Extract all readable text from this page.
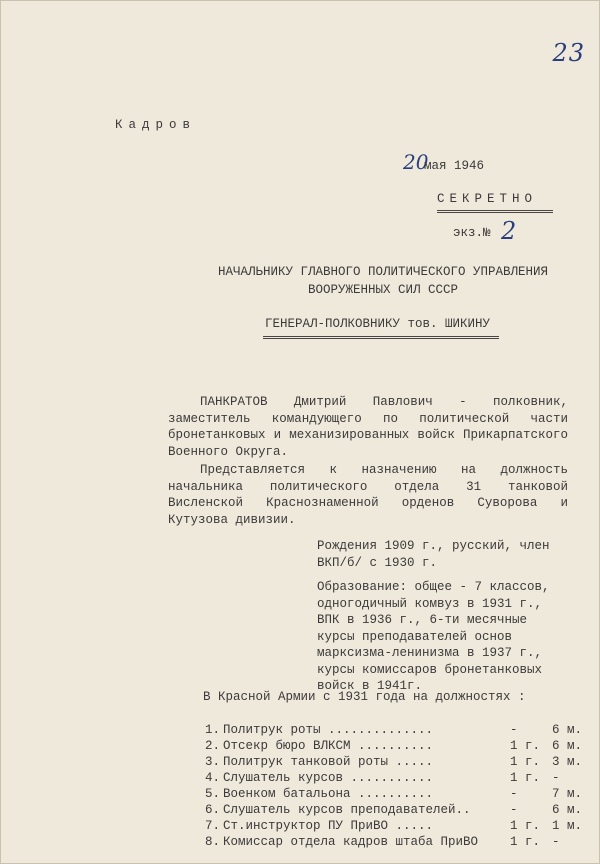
23
Кадров
20
мая 1946
СЕКРЕТНО
экз.№ 2
НАЧАЛЬНИКУ ГЛАВНОГО ПОЛИТИЧЕСКОГО УПРАВЛЕНИЯ ВООРУЖЕННЫХ СИЛ СССР
ГЕНЕРАЛ-ПОЛКОВНИКУ тов. ШИКИНУ
ПАНКРАТОВ Дмитрий Павлович - полковник, заместитель командующего по политической части бронетанковых и механизированных войск Прикарпатского Военного Округа.
Представляется к назначению на должность начальника политического отдела 31 танковой Висленской Краснознаменной орденов Суворова и Кутузова дивизии.
Рождения 1909 г., русский, член ВКП/б/ с 1930 г.
Образование: общее - 7 классов, одногодичный комвуз в 1931 г., ВПК в 1936 г., 6-ти месячные курсы преподавателей основ марксизма-ленинизма в 1937 г., курсы комиссаров бронетанковых войск в 1941г.
В Красной Армии с 1931 года на должностях :
1. Политрук роты ..............	-	6 м.
2. Отсекр бюро ВЛКСМ ..........	1 г. 6 м.
3. Политрук танковой роты .....	1 г. 3 м.
4. Слушатель курсов ...........	1 г. -
5. Военком батальона ..........	-	7 м.
6. Слушатель курсов преподавателей..	-	6 м.
7. Ст.инструктор ПУ ПриВО .....	1 г. 1 м.
8. Комиссар отдела кадров штаба ПриВО	1 г. -
